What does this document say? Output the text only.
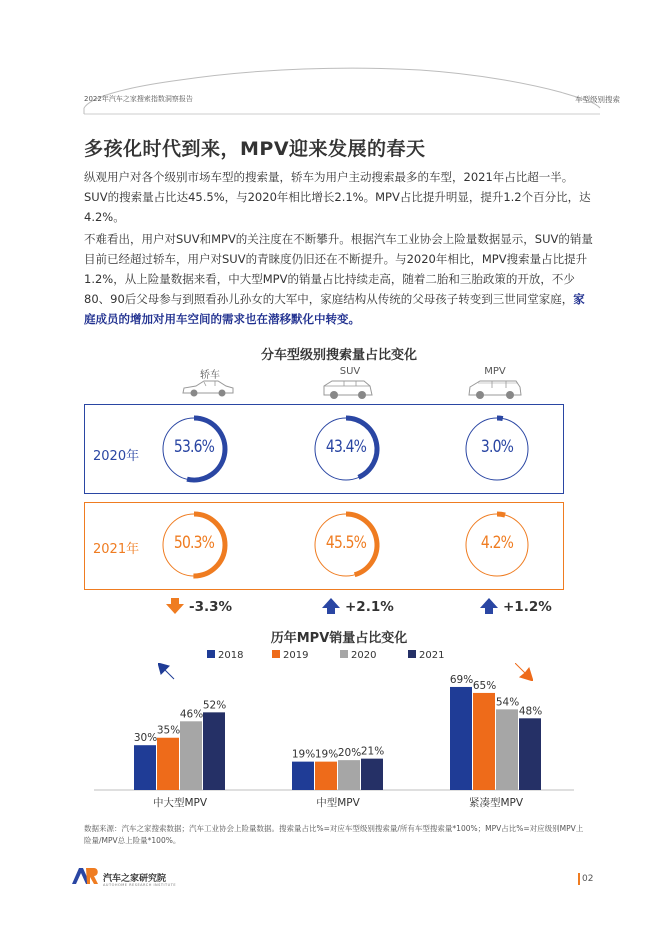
2022年汽车之家搜索指数洞察报告	车型级别搜索
多孩化时代到来，MPV迎来发展的春天
纵观用户对各个级别市场车型的搜索量，轿车为用户主动搜索最多的车型，2021年占比超一半。SUV的搜索量占比达45.5%，与2020年相比增长2.1%。MPV占比提升明显，提升1.2个百分比，达4.2%。
不难看出，用户对SUV和MPV的关注度在不断攀升。根据汽车工业协会上险量数据显示，SUV的销量目前已经超过轿车，用户对SUV的青睐度仍旧还在不断提升。与2020年相比，MPV搜索量占比提升1.2%，从上险量数据来看，中大型MPV的销量占比持续走高，随着二胎和三胎政策的开放，不少80、90后父母参与到照看孙儿孙女的大军中，家庭结构从传统的父母孩子转变到三世同堂家庭，家庭成员的增加对用车空间的需求也在潜移默化中转变。
分车型级别搜索量占比变化
轿车	SUV	MPV
2020年
2021年
53.6%	43.4%	3.0%
50.3%	45.5%	4.2%
-3.3%	+2.1%	+1.2%
历年MPV销量占比变化
2018	2019	2020	2021
30%
35%
46%
52%
中大型MPV
19% 19% 20% 21%
中型MPV
69% 65%
54%
48%
紧凑型MPV
数据来源：汽车之家搜索数据；汽车工业协会上险量数据。搜索量占比%=对应车型级别搜索量/所有车型搜索量*100%；MPV占比%=对应级别MPV上险量/MPV总上险量*100%。
汽车之家研究院
AUTOHOME RESEARCH INSTITUTE
02
